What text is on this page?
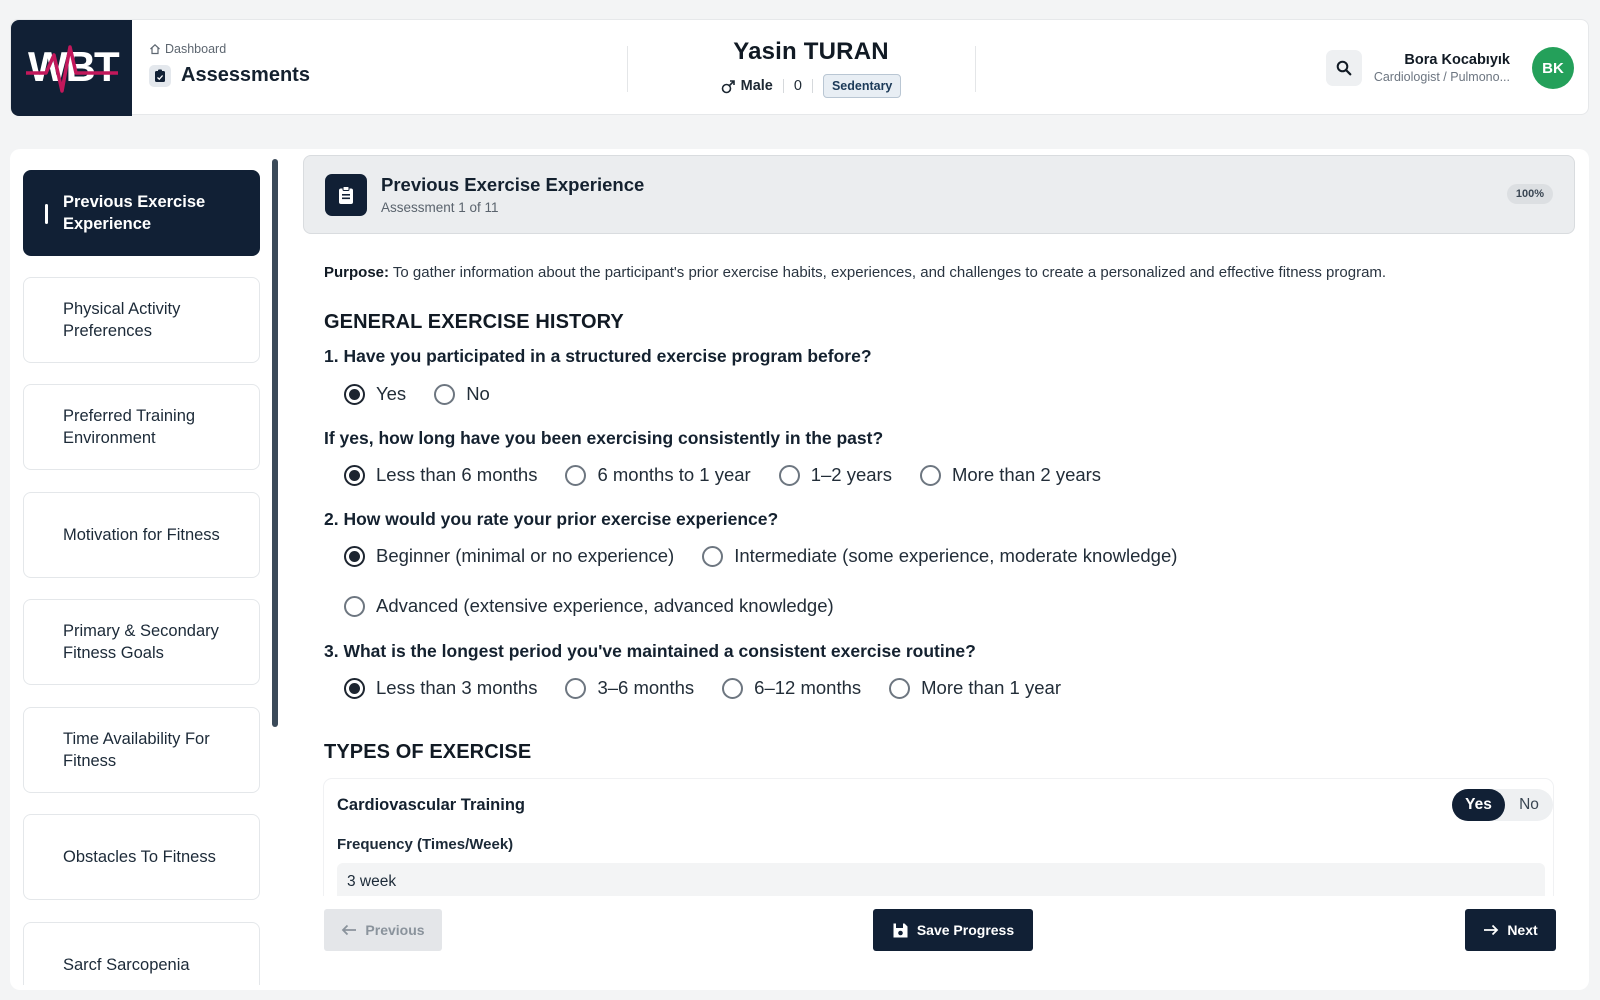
WBT	Dashboard
Assessments
Yasin TURAN
Male 0	Sedentary
Bora Kocabıyık
Cardiologist / Pulmono...
BK
Previous Exercise Experience
Physical Activity Preferences
Preferred Training Environment
Motivation for Fitness
Primary & Secondary Fitness Goals
Time Availability For Fitness
Obstacles To Fitness
Sarcf Sarcopenia
Previous Exercise Experience
Assessment 1 of 11
100%
Purpose: To gather information about the participant's prior exercise habits, experiences, and challenges to create a personalized and effective fitness program.
GENERAL EXERCISE HISTORY
1. Have you participated in a structured exercise program before?
Yes	No
If yes, how long have you been exercising consistently in the past?
Less than 6 months	6 months to 1 year	1–2 years	More than 2 years
2. How would you rate your prior exercise experience?
Beginner (minimal or no experience)	Intermediate (some experience, moderate knowledge)
Advanced (extensive experience, advanced knowledge)
3. What is the longest period you've maintained a consistent exercise routine?
Less than 3 months	3–6 months	6–12 months	More than 1 year
TYPES OF EXERCISE
Cardiovascular Training	Yes	No
Frequency (Times/Week)
3 week
Previous	Save Progress	Next
